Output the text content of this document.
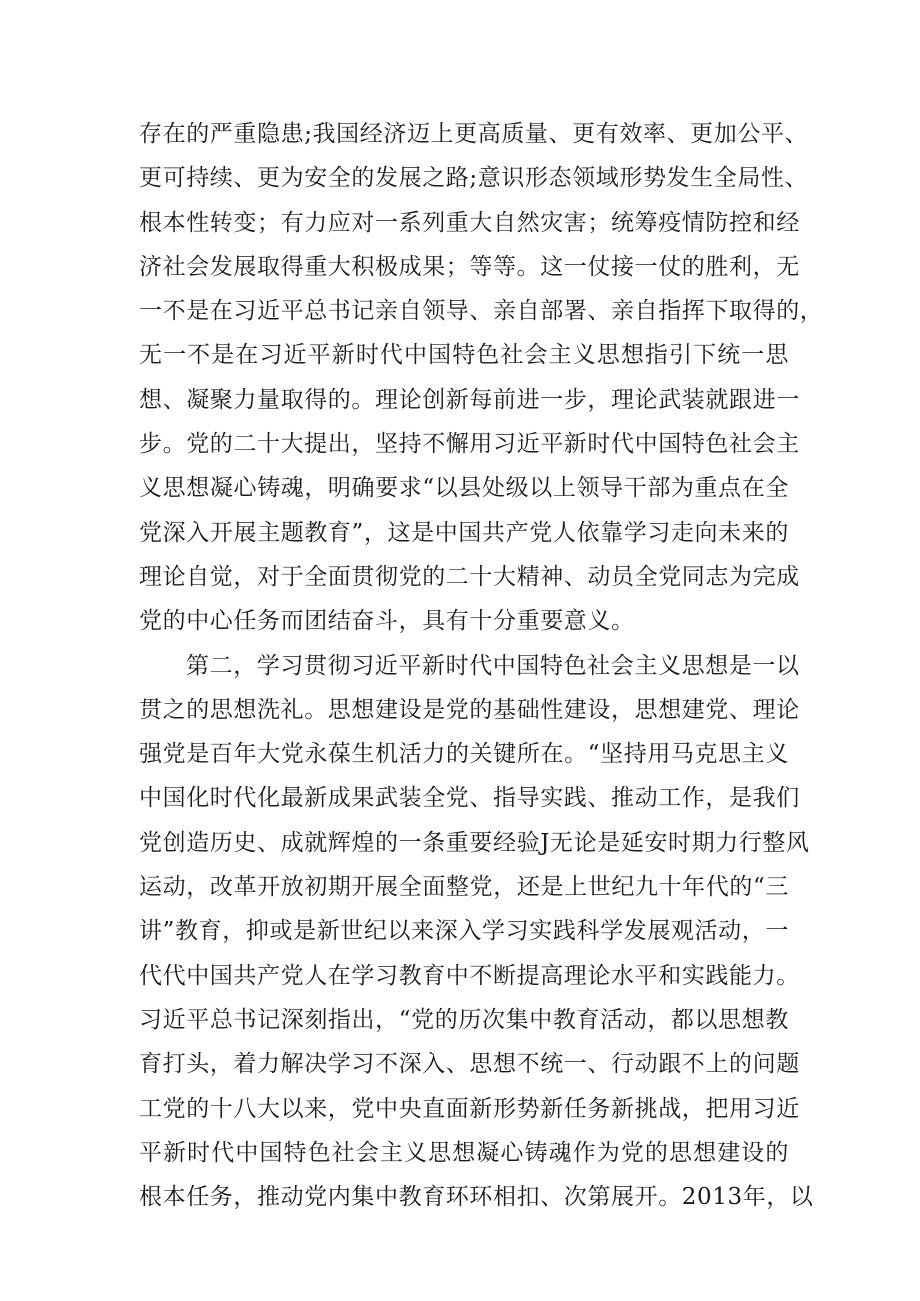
存在的严重隐患;我国经济迈上更高质量、更有效率、更加公平、
更可持续、更为安全的发展之路;意识形态领域形势发生全局性、
根本性转变；有力应对一系列重大自然灾害；统筹疫情防控和经
济社会发展取得重大积极成果；等等。这一仗接一仗的胜利，无
一不是在习近平总书记亲自领导、亲自部署、亲自指挥下取得的，
无一不是在习近平新时代中国特色社会主义思想指引下统一思
想、凝聚力量取得的。理论创新每前进一步，理论武装就跟进一
步。党的二十大提出，坚持不懈用习近平新时代中国特色社会主
义思想凝心铸魂，明确要求“以县处级以上领导干部为重点在全
党深入开展主题教育”，这是中国共产党人依靠学习走向未来的
理论自觉，对于全面贯彻党的二十大精神、动员全党同志为完成
党的中心任务而团结奋斗，具有十分重要意义。
第二，学习贯彻习近平新时代中国特色社会主义思想是一以
贯之的思想洗礼。思想建设是党的基础性建设，思想建党、理论
强党是百年大党永葆生机活力的关键所在。“坚持用马克思主义
中国化时代化最新成果武装全党、指导实践、推动工作，是我们
党创造历史、成就辉煌的一条重要经验J无论是延安时期力行整风
运动，改革开放初期开展全面整党，还是上世纪九十年代的“三
讲”教育，抑或是新世纪以来深入学习实践科学发展观活动，一
代代中国共产党人在学习教育中不断提高理论水平和实践能力。
习近平总书记深刻指出，“党的历次集中教育活动，都以思想教
育打头，着力解决学习不深入、思想不统一、行动跟不上的问题
工党的十八大以来，党中央直面新形势新任务新挑战，把用习近
平新时代中国特色社会主义思想凝心铸魂作为党的思想建设的
根本任务，推动党内集中教育环环相扣、次第展开。2013年，以
